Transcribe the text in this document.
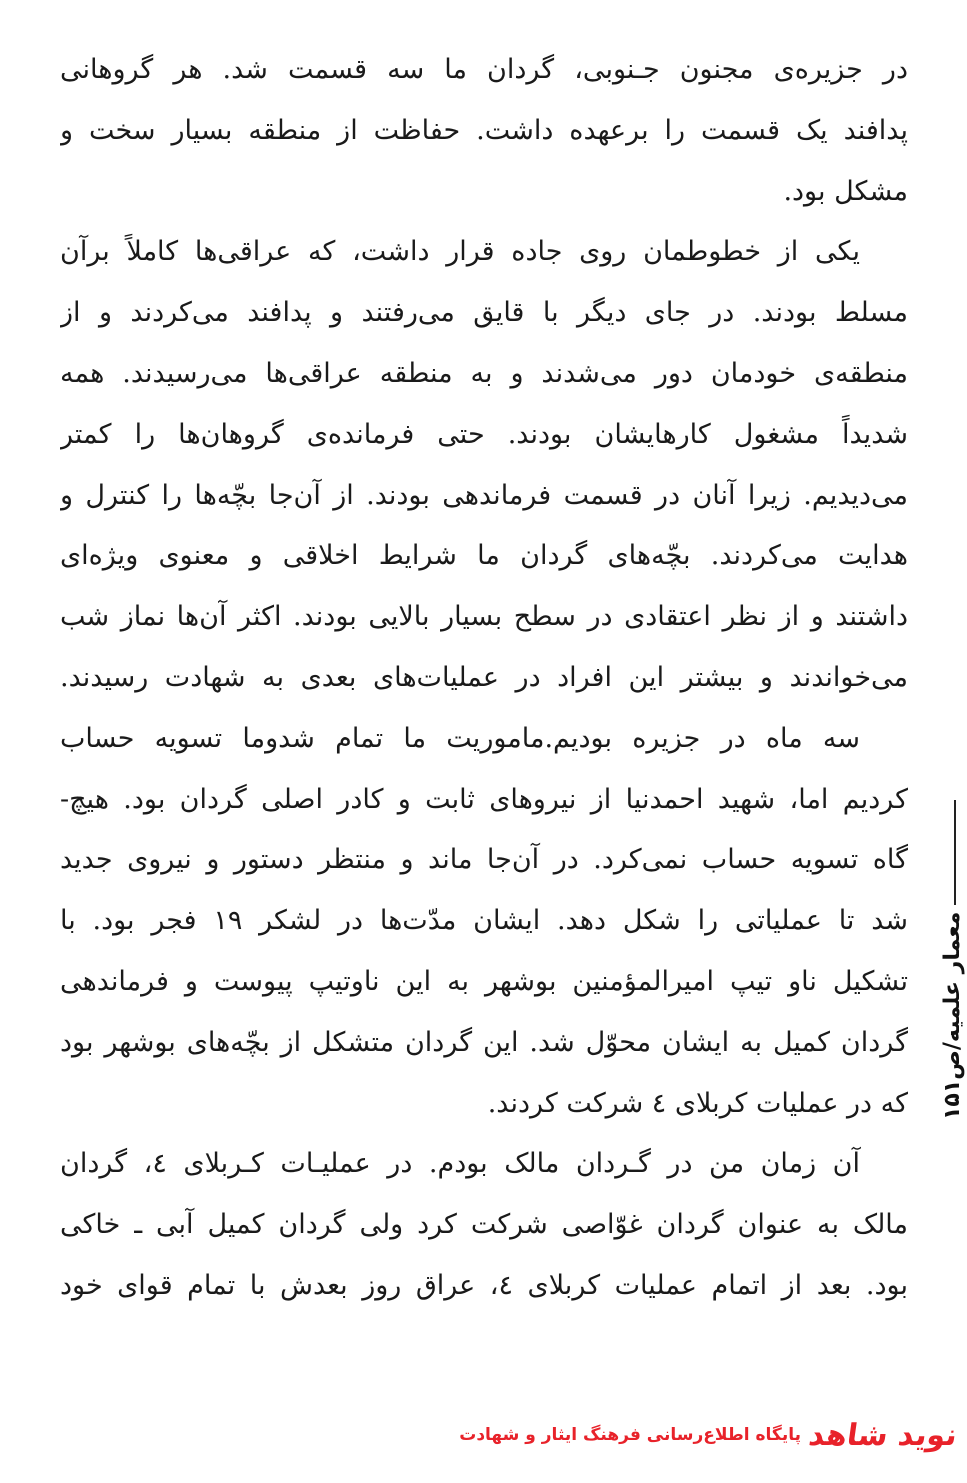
در جزیره‌ی مجنون جـنوبی، گردان ما سه قسمت شد. هر گروهانی
پدافند یک قسمت را برعهده داشت. حفاظت از منطقه بسیار سخت و
مشکل بود.
یکی از خطوطمان روی جاده قرار داشت، که عراقی‌ها کاملاً برآن
مسلط بودند. در جای دیگر با قایق می‌رفتند و پدافند می‌کردند و از
منطقه‌ی خودمان دور می‌شدند و به منطقه عراقی‌ها می‌رسیدند. همه
شدیداً مشغول کارهایشان بودند. حتی فرمانده‌ی گروهان‌ها را کمتر
می‌دیدیم. زیرا آنان در قسمت فرماندهی بودند. از آن‌جا بچّه‌ها را کنترل و
هدایت می‌کردند. بچّه‌های گردان ما شرایط اخلاقی و معنوی ویژه‌ای
داشتند و از نظر اعتقادی در سطح بسیار بالایی بودند. اکثر آن‌ها نماز شب
می‌خواندند و بیشتر این افراد در عملیات‌های بعدی به شهادت رسیدند.
سه ماه در جزیره بودیم.ماموریت ما تمام شدوما تسویه حساب
کردیم اما، شهید احمدنیا از نیروهای ثابت و کادر اصلی گردان بود. هیچ-
گاه تسویه حساب نمی‌کرد. در آن‌جا ماند و منتظر دستور و نیروی جدید
شد تا عملیاتی را شکل دهد. ایشان مدّت‌ها در لشکر ۱۹ فجر بود. با
تشکیل ناو تیپ امیرالمؤمنین بوشهر به این ناوتیپ پیوست و فرماندهی
گردان کمیل به ایشان محوّل شد. این گردان متشکل از بچّه‌های بوشهر بود
که در عملیات کربلای ٤ شرکت کردند.
آن زمان من در گـردان مالک بودم. در عملیـات کـربلای ٤، گردان
مالک به عنوان گردان غوّاصی شرکت کرد ولی گردان کمیل آبی ـ خاکی
بود. بعد از اتمام عملیات کربلای ٤، عراق روز بعدش با تمام قوای خود
معمار علمیه/ص۱۵۱
نوید شاهد
پایگاه اطلاع‌رسانی فرهنگ ایثار و شهادت
